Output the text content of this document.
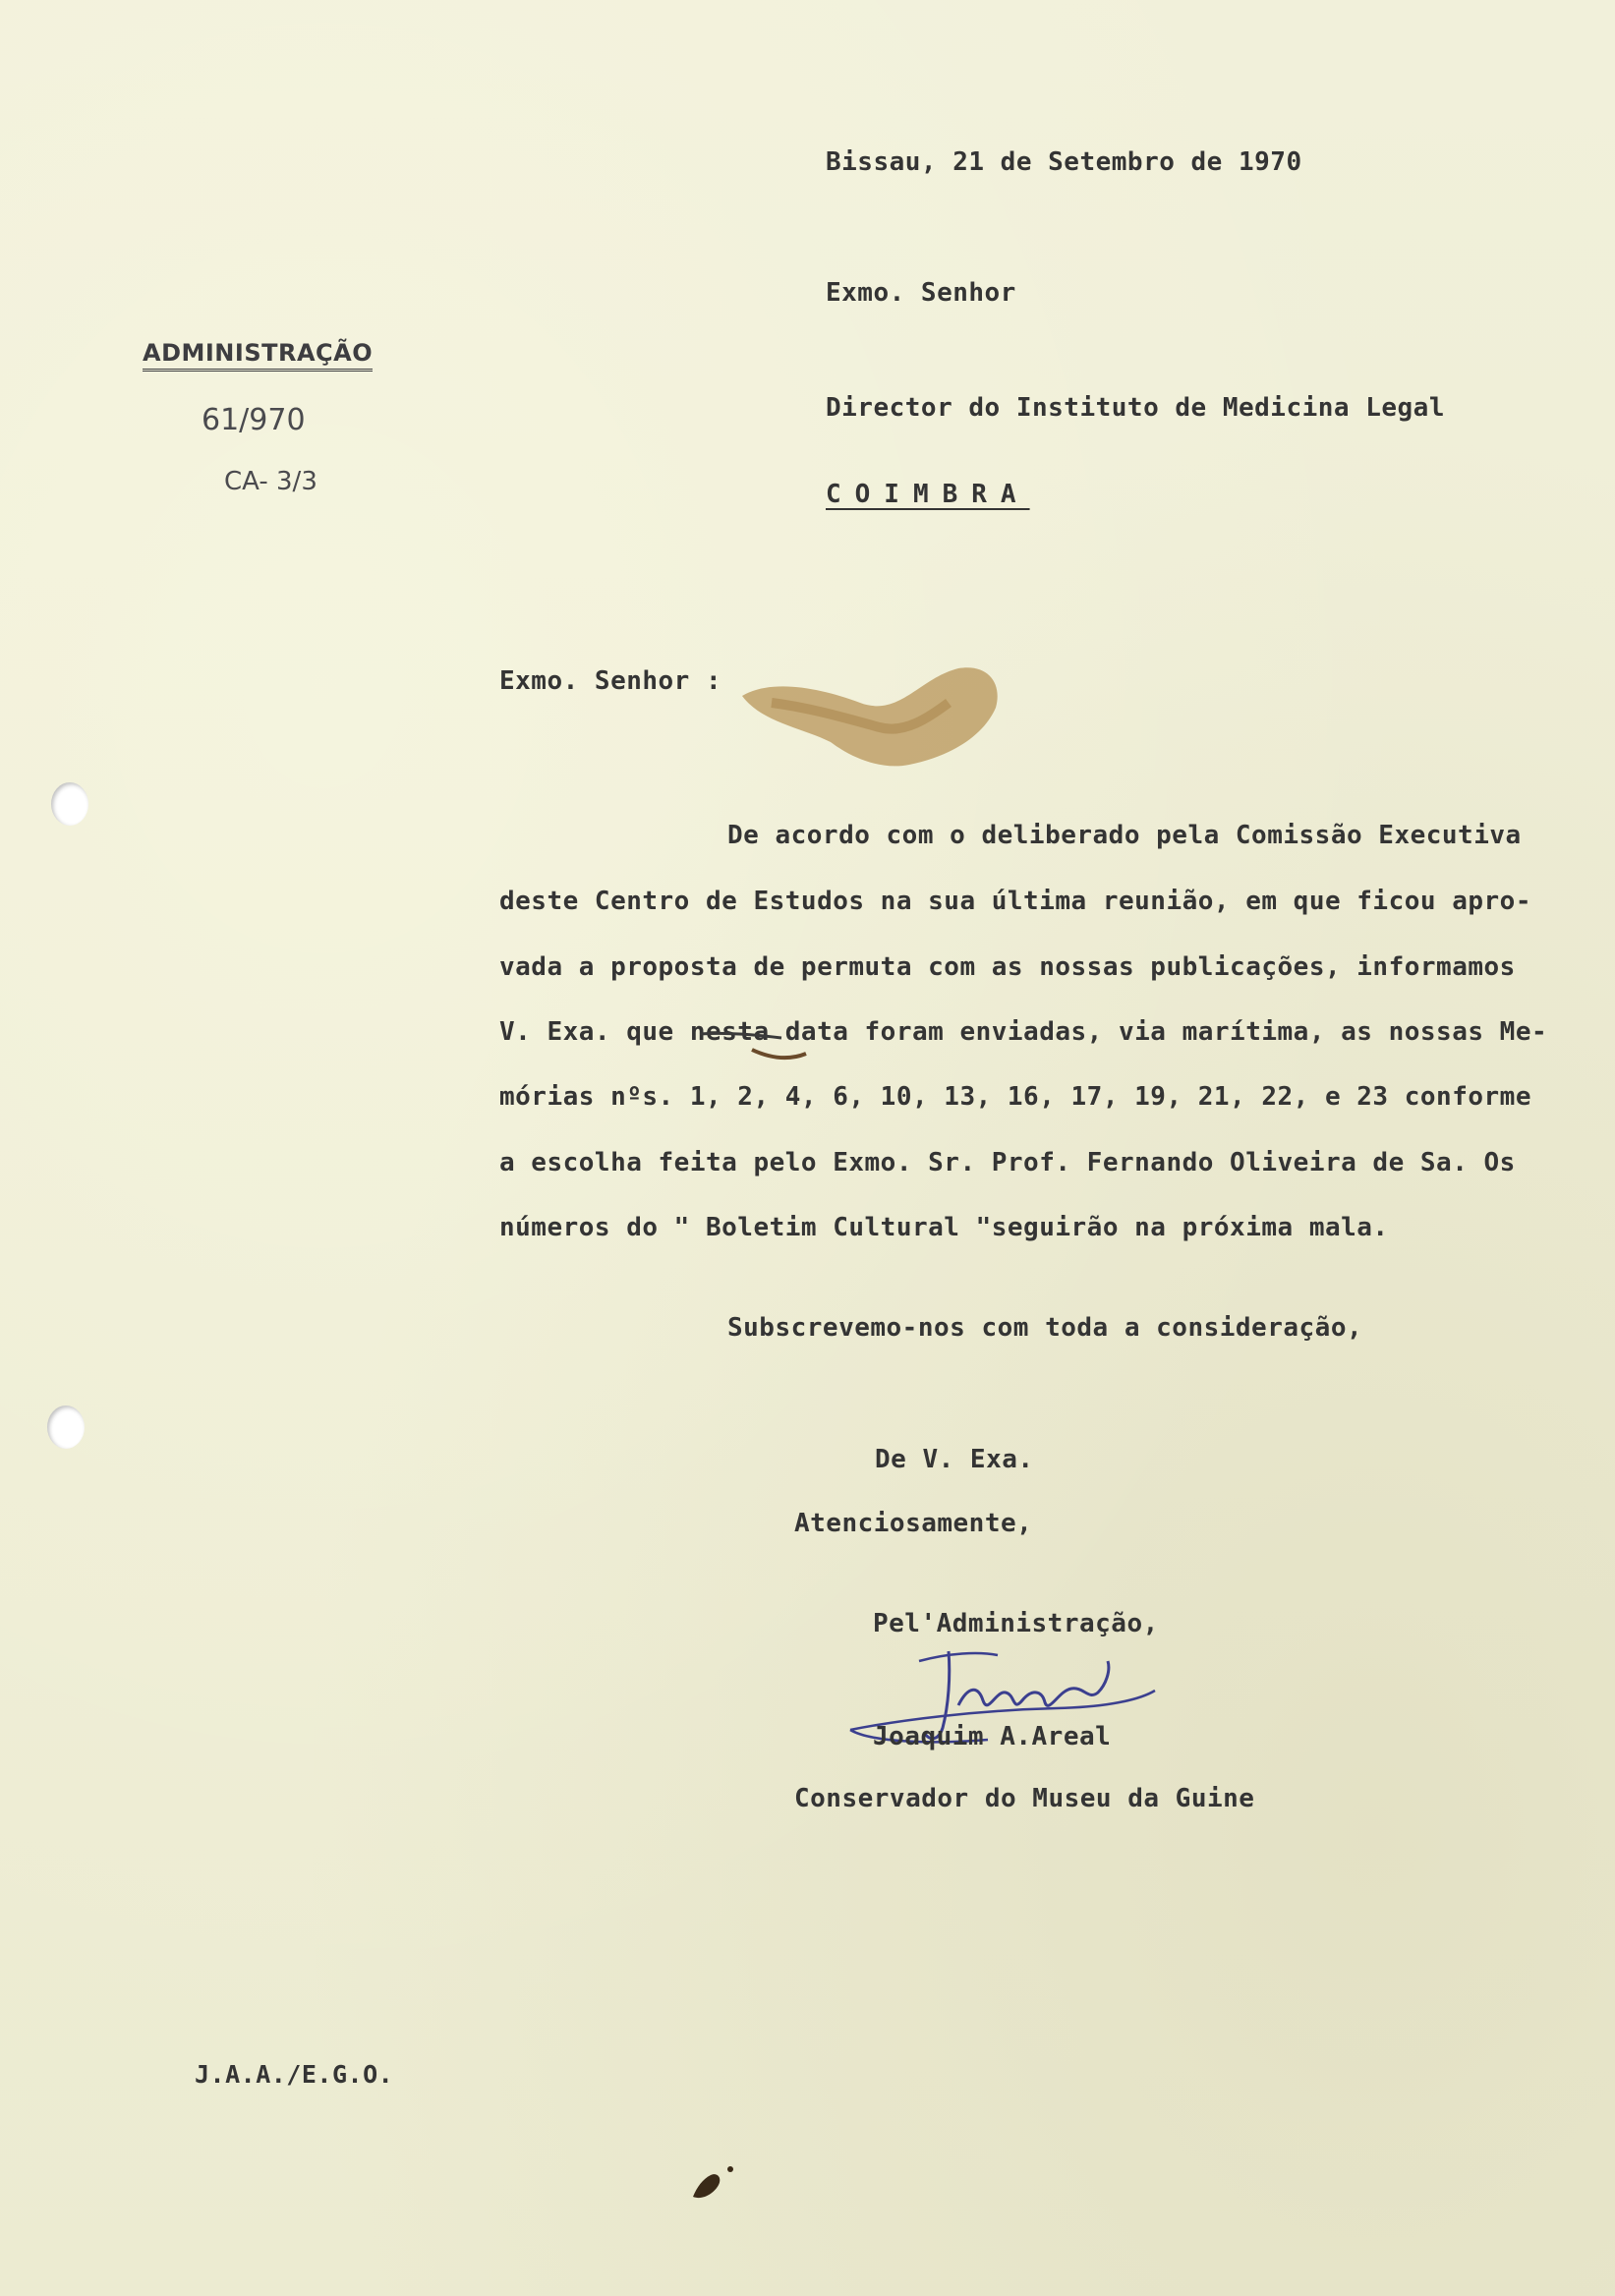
Bissau, 21 de Setembro de 1970
Exmo. Senhor
Director do Instituto de Medicina Legal
COIMBRA
ADMINISTRAÇÃO
61/970
CA- 3/3
Exmo. Senhor :
De acordo com o deliberado pela Comissão Executiva
deste Centro de Estudos na sua última reunião, em que ficou apro-
vada a proposta de permuta com as nossas publicações, informamos
V. Exa. que nesta data foram enviadas, via marítima, as nossas Me-
mórias nºs. 1, 2, 4, 6, 10, 13, 16, 17, 19, 21, 22, e 23 conforme
a escolha feita pelo Exmo. Sr. Prof. Fernando Oliveira de Sa. Os
números do " Boletim Cultural "seguirão na próxima mala.
Subscrevemo-nos com toda a consideração,
De V. Exa.
Atenciosamente,
Pel'Administração,
Joaquim A.Areal
Conservador do Museu da Guine
J.A.A./E.G.O.
